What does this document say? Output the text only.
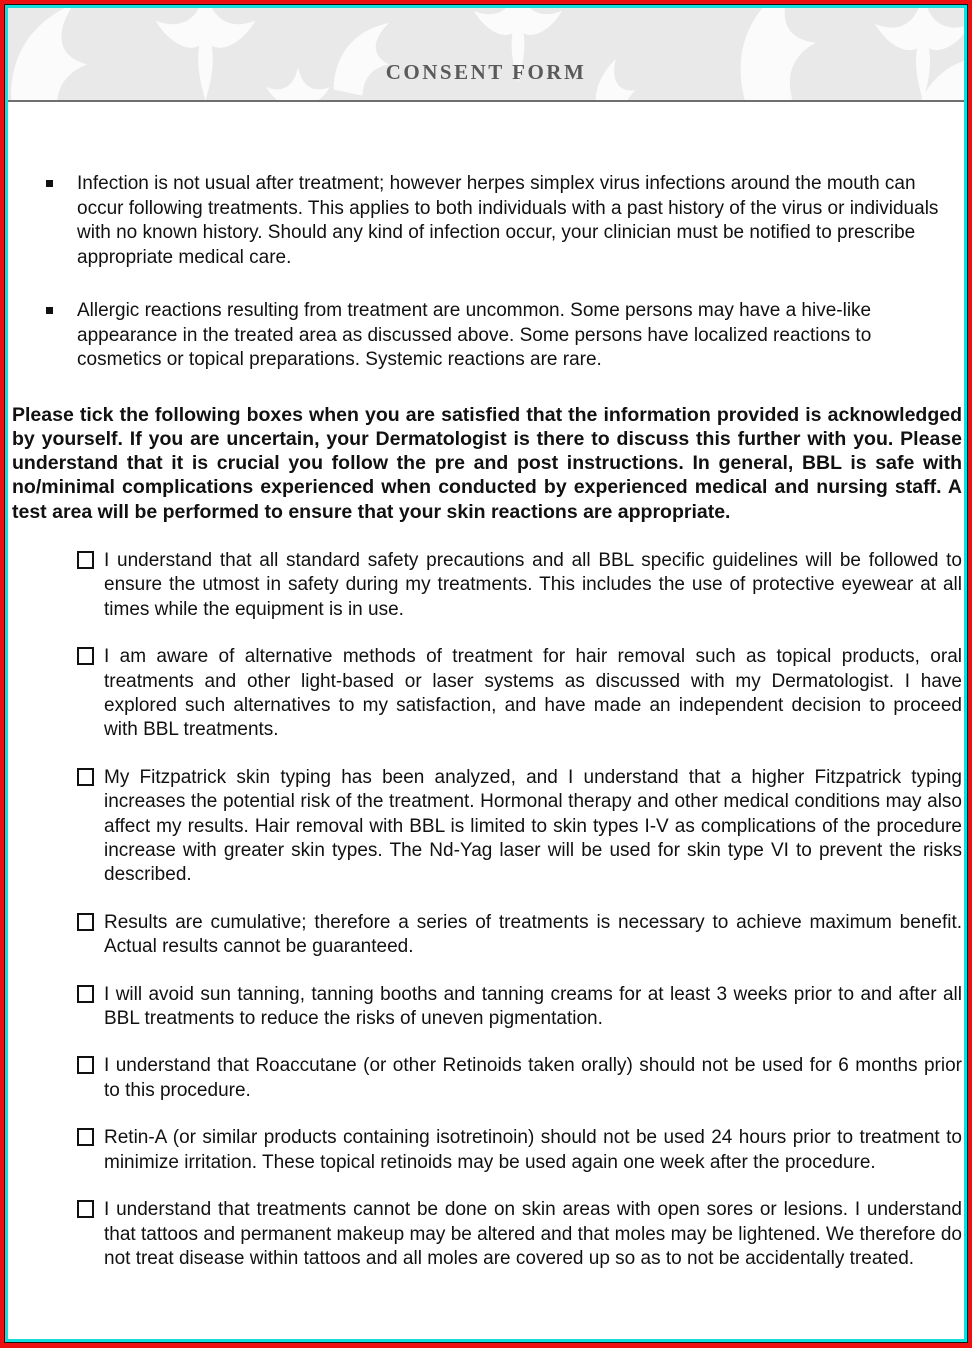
CONSENT FORM
Infection is not usual after treatment; however herpes simplex virus infections around the mouth can occur following treatments. This applies to both individuals with a past history of the virus or individuals with no known history. Should any kind of infection occur, your clinician must be notified to prescribe appropriate medical care.
Allergic reactions resulting from treatment are uncommon. Some persons may have a hive-like appearance in the treated area as discussed above. Some persons have localized reactions to cosmetics or topical preparations. Systemic reactions are rare.

Please tick the following boxes when you are satisfied that the information provided is acknowledged by yourself. If you are uncertain, your Dermatologist is there to discuss this further with you. Please understand that it is crucial you follow the pre and post instructions. In general, BBL is safe with no/minimal complications experienced when conducted by experienced medical and nursing staff. A test area will be performed to ensure that your skin reactions are appropriate.

I understand that all standard safety precautions and all BBL specific guidelines will be followed to ensure the utmost in safety during my treatments. This includes the use of protective eyewear at all times while the equipment is in use.
I am aware of alternative methods of treatment for hair removal such as topical products, oral treatments and other light-based or laser systems as discussed with my Dermatologist. I have explored such alternatives to my satisfaction, and have made an independent decision to proceed with BBL treatments.
My Fitzpatrick skin typing has been analyzed, and I understand that a higher Fitzpatrick typing increases the potential risk of the treatment. Hormonal therapy and other medical conditions may also affect my results. Hair removal with BBL is limited to skin types I-V as complications of the procedure increase with greater skin types. The Nd-Yag laser will be used for skin type VI to prevent the risks described.
Results are cumulative; therefore a series of treatments is necessary to achieve maximum benefit. Actual results cannot be guaranteed.
I will avoid sun tanning, tanning booths and tanning creams for at least 3 weeks prior to and after all BBL treatments to reduce the risks of uneven pigmentation.
I understand that Roaccutane (or other Retinoids taken orally) should not be used for 6 months prior to this procedure.
Retin-A (or similar products containing isotretinoin) should not be used 24 hours prior to treatment to minimize irritation. These topical retinoids may be used again one week after the procedure.
I understand that treatments cannot be done on skin areas with open sores or lesions. I understand that tattoos and permanent makeup may be altered and that moles may be lightened. We therefore do not treat disease within tattoos and all moles are covered up so as to not be accidentally treated.
